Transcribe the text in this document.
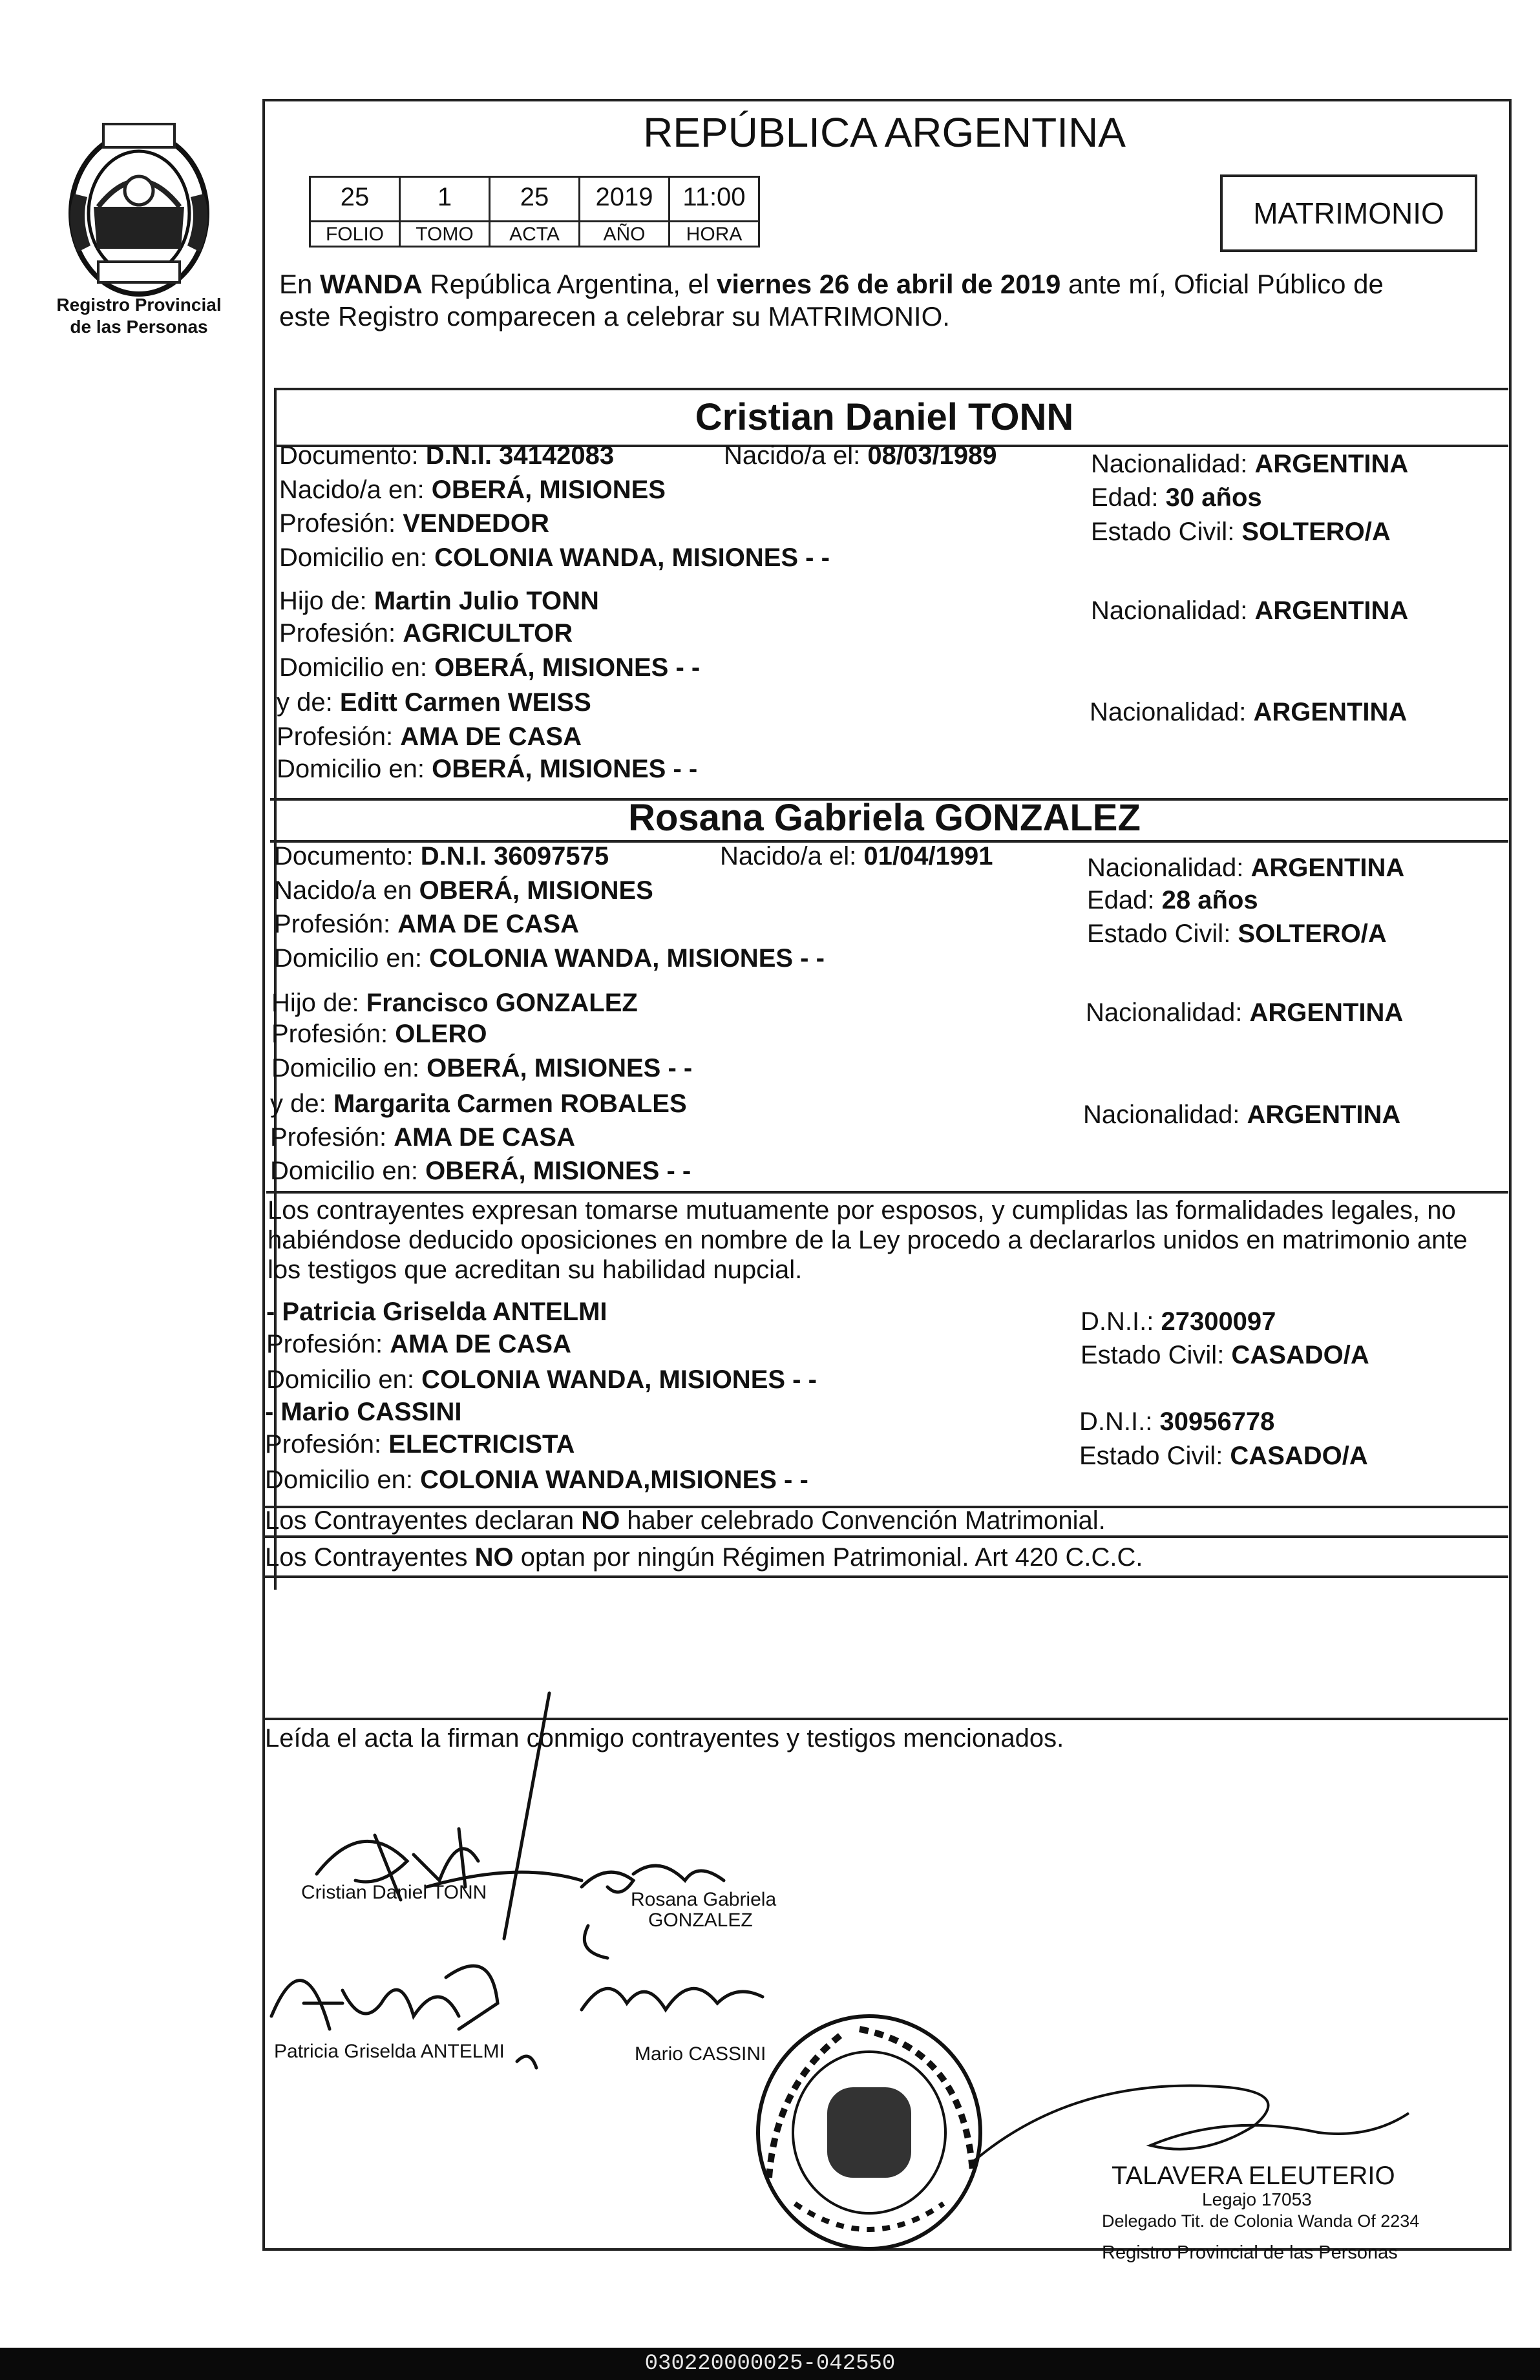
Registro Provincial
de las Personas
REPÚBLICA ARGENTINA
25	1	25	2019	11:00
FOLIO	TOMO	ACTA	AÑO	HORA
MATRIMONIO
En WANDA República Argentina, el viernes 26 de abril de 2019 ante mí, Oficial Público de
este Registro comparecen a celebrar su MATRIMONIO.
Cristian Daniel TONN
Documento: D.N.I. 34142083	Nacido/a el: 08/03/1989	Nacionalidad: ARGENTINA
Nacido/a en: OBERÁ, MISIONES	Edad: 30 años
Profesión: VENDEDOR	Estado Civil: SOLTERO/A
Domicilio en: COLONIA WANDA, MISIONES - -
Hijo de: Martin Julio TONN	Nacionalidad: ARGENTINA
Profesión: AGRICULTOR
Domicilio en: OBERÁ, MISIONES - -
y de: Editt Carmen WEISS	Nacionalidad: ARGENTINA
Profesión: AMA DE CASA
Domicilio en: OBERÁ, MISIONES - -
Rosana Gabriela GONZALEZ
Documento: D.N.I. 36097575	Nacido/a el: 01/04/1991	Nacionalidad: ARGENTINA
Nacido/a en OBERÁ, MISIONES	Edad: 28 años
Profesión: AMA DE CASA	Estado Civil: SOLTERO/A
Domicilio en: COLONIA WANDA, MISIONES - -
Hijo de: Francisco GONZALEZ	Nacionalidad: ARGENTINA
Profesión: OLERO
Domicilio en: OBERÁ, MISIONES - -
y de: Margarita Carmen ROBALES	Nacionalidad: ARGENTINA
Profesión: AMA DE CASA
Domicilio en: OBERÁ, MISIONES - -
Los contrayentes expresan tomarse mutuamente por esposos, y cumplidas las formalidades legales, no
habiéndose deducido oposiciones en nombre de la Ley procedo a declararlos unidos en matrimonio ante
los testigos que acreditan su habilidad nupcial.
- Patricia Griselda ANTELMI	D.N.I.: 27300097
Profesión: AMA DE CASA	Estado Civil: CASADO/A
Domicilio en: COLONIA WANDA, MISIONES - -
- Mario CASSINI	D.N.I.: 30956778
Profesión: ELECTRICISTA	Estado Civil: CASADO/A
Domicilio en: COLONIA WANDA,MISIONES - -
Los Contrayentes declaran NO haber celebrado Convención Matrimonial.
Los Contrayentes NO optan por ningún Régimen Patrimonial. Art 420 C.C.C.
Leída el acta la firman conmigo contrayentes y testigos mencionados.
Cristian Daniel TONN	Rosana Gabriela
GONZALEZ
Patricia Griselda ANTELMI	Mario CASSINI
TALAVERA ELEUTERIO
Legajo 17053
Delegado Tit. de Colonia Wanda Of 2234
Registro Provincial de las Personas
030220000025-042550
